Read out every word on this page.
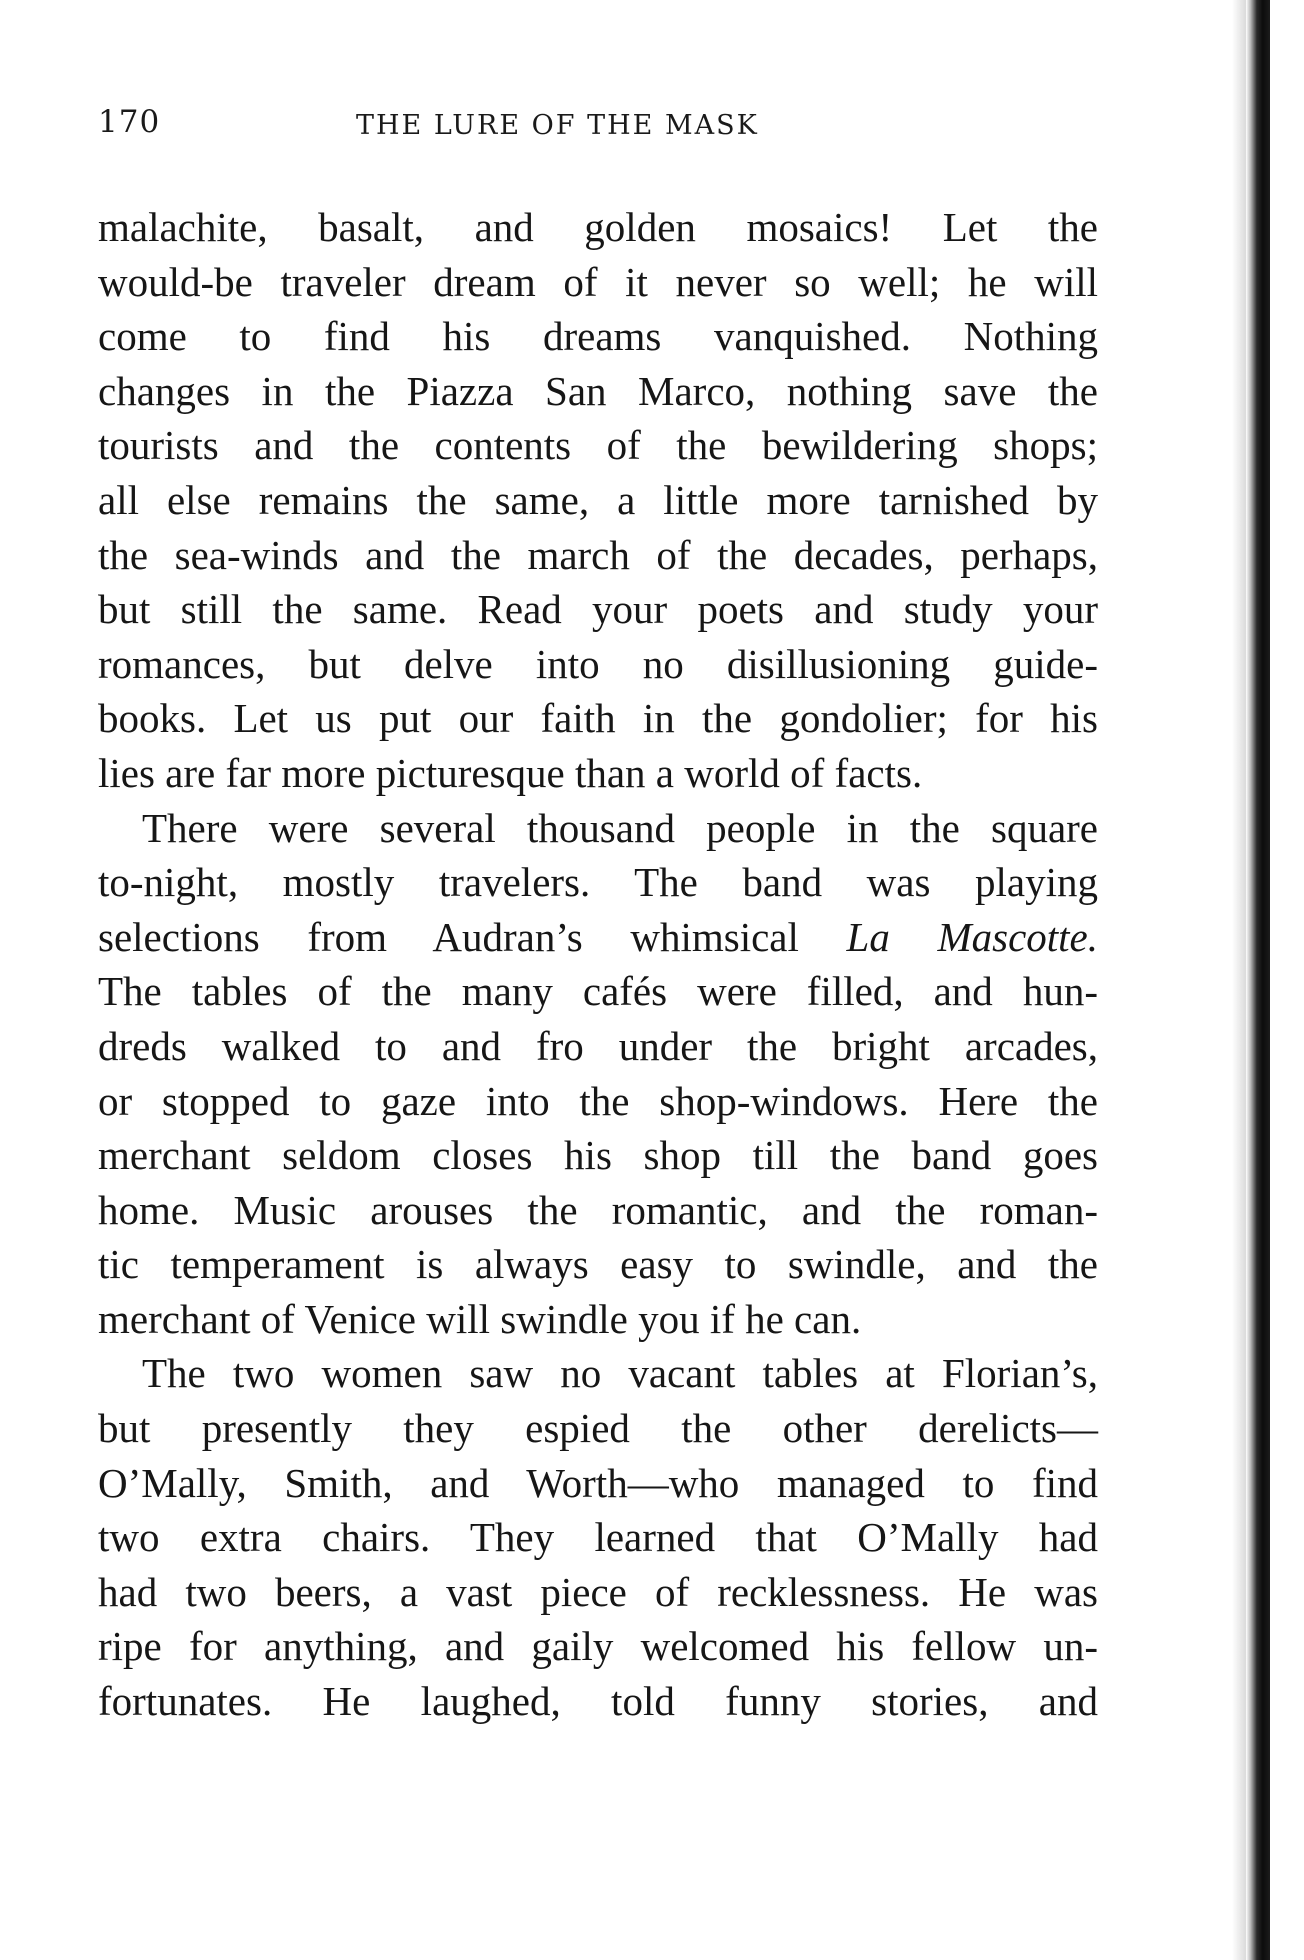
170	THE LURE OF THE MASK
malachite, basalt, and golden mosaics! Let the
would-be traveler dream of it never so well; he will
come to find his dreams vanquished. Nothing
changes in the Piazza San Marco, nothing save the
tourists and the contents of the bewildering shops;
all else remains the same, a little more tarnished by
the sea-winds and the march of the decades, perhaps,
but still the same. Read your poets and study your
romances, but delve into no disillusioning guide-
books. Let us put our faith in the gondolier; for his
lies are far more picturesque than a world of facts.
There were several thousand people in the square
to-night, mostly travelers. The band was playing
selections from Audran’s whimsical La Mascotte.
The tables of the many cafés were filled, and hun-
dreds walked to and fro under the bright arcades,
or stopped to gaze into the shop-windows. Here the
merchant seldom closes his shop till the band goes
home. Music arouses the romantic, and the roman-
tic temperament is always easy to swindle, and the
merchant of Venice will swindle you if he can.
The two women saw no vacant tables at Florian’s,
but presently they espied the other derelicts—
O’Mally, Smith, and Worth—who managed to find
two extra chairs. They learned that O’Mally had
had two beers, a vast piece of recklessness. He was
ripe for anything, and gaily welcomed his fellow un-
fortunates. He laughed, told funny stories, and
